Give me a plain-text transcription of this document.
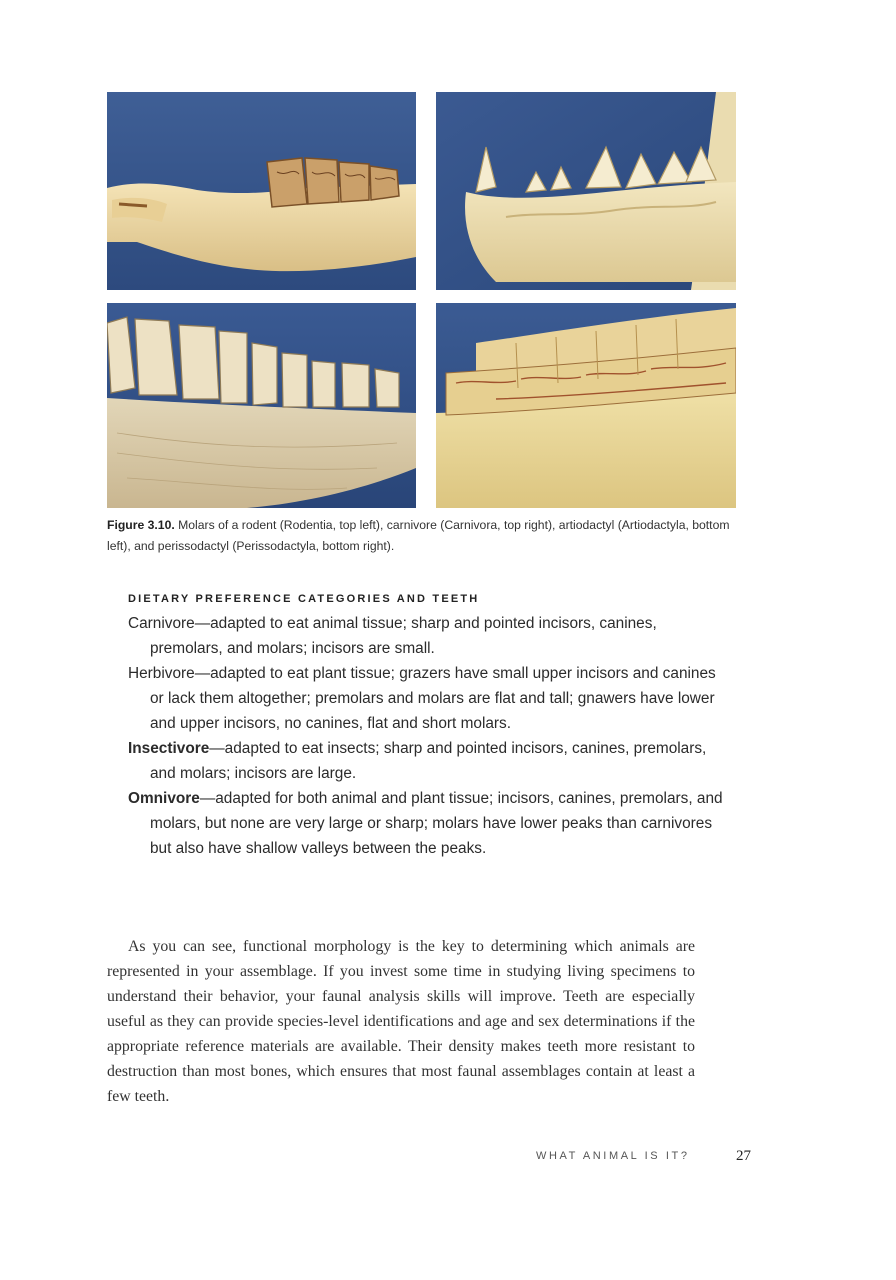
Figure 3.10. Molars of a rodent (Rodentia, top left), carnivore (Carnivora, top right), artiodactyl (Artiodactyla, bottom left), and perissodactyl (Perissodactyla, bottom right).
DIETARY PREFERENCE CATEGORIES AND TEETH

Carnivore—adapted to eat animal tissue; sharp and pointed incisors, canines, premolars, and molars; incisors are small.

Herbivore—adapted to eat plant tissue; grazers have small upper incisors and canines or lack them altogether; premolars and molars are flat and tall; gnawers have lower and upper incisors, no canines, flat and short molars.

Insectivore—adapted to eat insects; sharp and pointed incisors, canines, premolars, and molars; incisors are large.

Omnivore—adapted for both animal and plant tissue; incisors, canines, premolars, and molars, but none are very large or sharp; molars have lower peaks than carnivores but also have shallow valleys between the peaks.

As you can see, functional morphology is the key to determining which animals are represented in your assemblage. If you invest some time in studying living specimens to understand their behavior, your faunal analysis skills will improve. Teeth are especially useful as they can provide species-level identifications and age and sex determinations if the appropriate reference materials are available. Their density makes teeth more resistant to destruction than most bones, which ensures that most faunal assemblages contain at least a few teeth.

WHAT ANIMAL IS IT?	27
